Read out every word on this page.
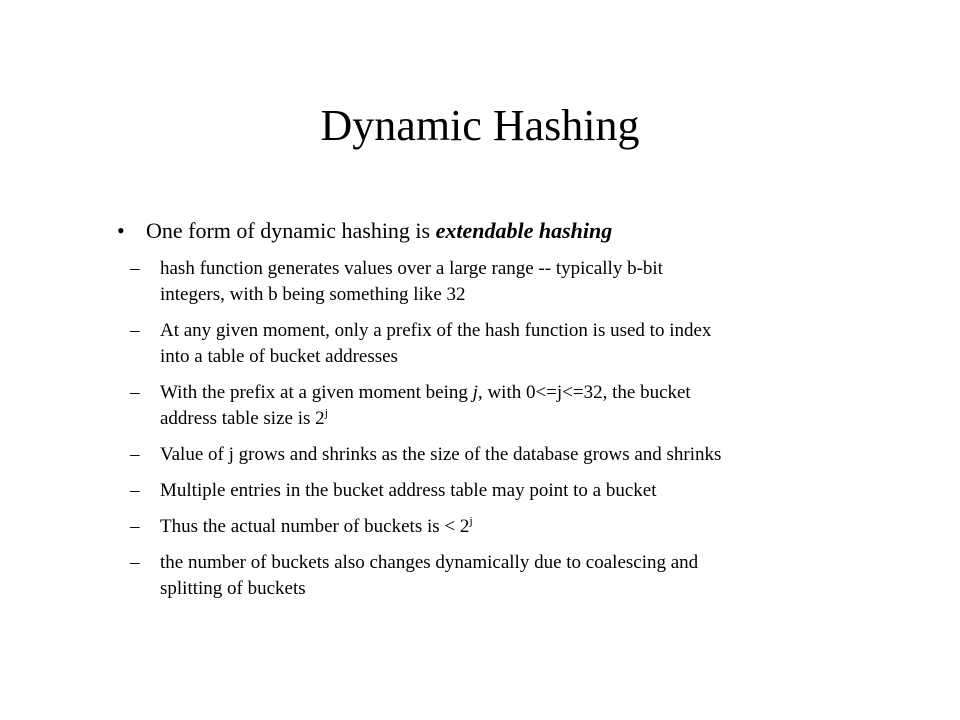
Dynamic Hashing
• One form of dynamic hashing is extendable hashing
– hash function generates values over a large range -- typically b-bit
integers, with b being something like 32
– At any given moment, only a prefix of the hash function is used to index
into a table of bucket addresses
– With the prefix at a given moment being j, with 0<=j<=32, the bucket
address table size is 2$^j$
– Value of j grows and shrinks as the size of the database grows and shrinks
– Multiple entries in the bucket address table may point to a bucket
– Thus the actual number of buckets is < $2^j$
– the number of buckets also changes dynamically due to coalescing and
splitting of buckets
